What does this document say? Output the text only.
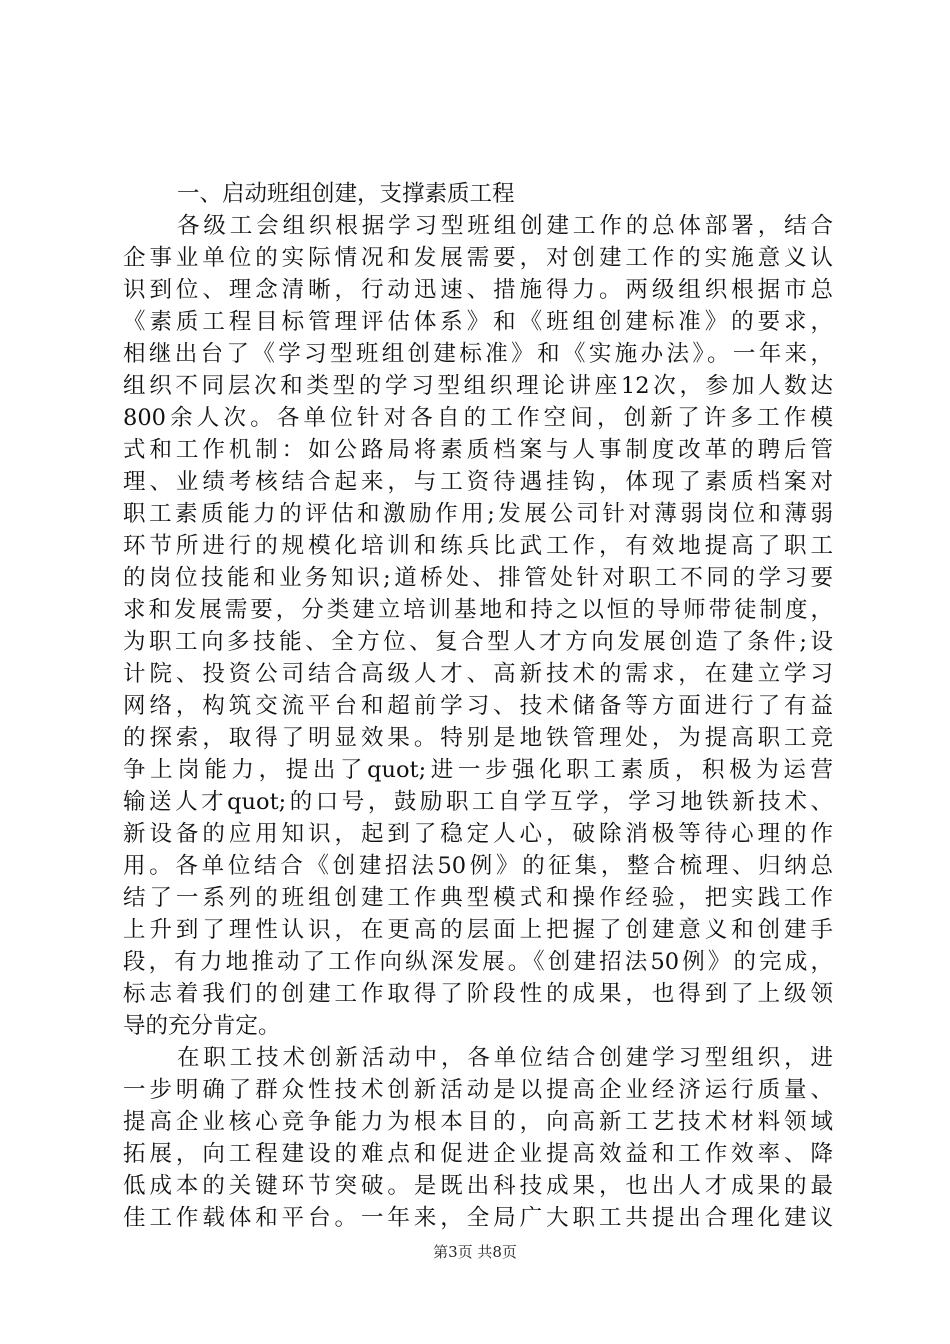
一、启动班组创建，支撑素质工程
各级工会组织根据学习型班组创建工作的总体部署，结合
企事业单位的实际情况和发展需要，对创建工作的实施意义认
识到位、理念清晰，行动迅速、措施得力。两级组织根据市总
《素质工程目标管理评估体系》和《班组创建标准》的要求，
相继出台了《学习型班组创建标准》和《实施办法》。一年来，
组织不同层次和类型的学习型组织理论讲座12次，参加人数达
800余人次。各单位针对各自的工作空间，创新了许多工作模
式和工作机制：如公路局将素质档案与人事制度改革的聘后管
理、业绩考核结合起来，与工资待遇挂钩，体现了素质档案对
职工素质能力的评估和激励作用;发展公司针对薄弱岗位和薄弱
环节所进行的规模化培训和练兵比武工作，有效地提高了职工
的岗位技能和业务知识;道桥处、排管处针对职工不同的学习要
求和发展需要，分类建立培训基地和持之以恒的导师带徒制度，
为职工向多技能、全方位、复合型人才方向发展创造了条件;设
计院、投资公司结合高级人才、高新技术的需求，在建立学习
网络，构筑交流平台和超前学习、技术储备等方面进行了有益
的探索，取得了明显效果。特别是地铁管理处，为提高职工竞
争上岗能力，提出了quot;进一步强化职工素质，积极为运营
输送人才quot;的口号，鼓励职工自学互学，学习地铁新技术、
新设备的应用知识，起到了稳定人心，破除消极等待心理的作
用。各单位结合《创建招法50例》的征集，整合梳理、归纳总
结了一系列的班组创建工作典型模式和操作经验，把实践工作
上升到了理性认识，在更高的层面上把握了创建意义和创建手
段，有力地推动了工作向纵深发展。《创建招法50例》的完成，
标志着我们的创建工作取得了阶段性的成果，也得到了上级领
导的充分肯定。
在职工技术创新活动中，各单位结合创建学习型组织，进
一步明确了群众性技术创新活动是以提高企业经济运行质量、
提高企业核心竞争能力为根本目的，向高新工艺技术材料领域
拓展，向工程建设的难点和促进企业提高效益和工作效率、降
低成本的关键环节突破。是既出科技成果，也出人才成果的最
佳工作载体和平台。一年来，全局广大职工共提出合理化建议
第3页 共8页
